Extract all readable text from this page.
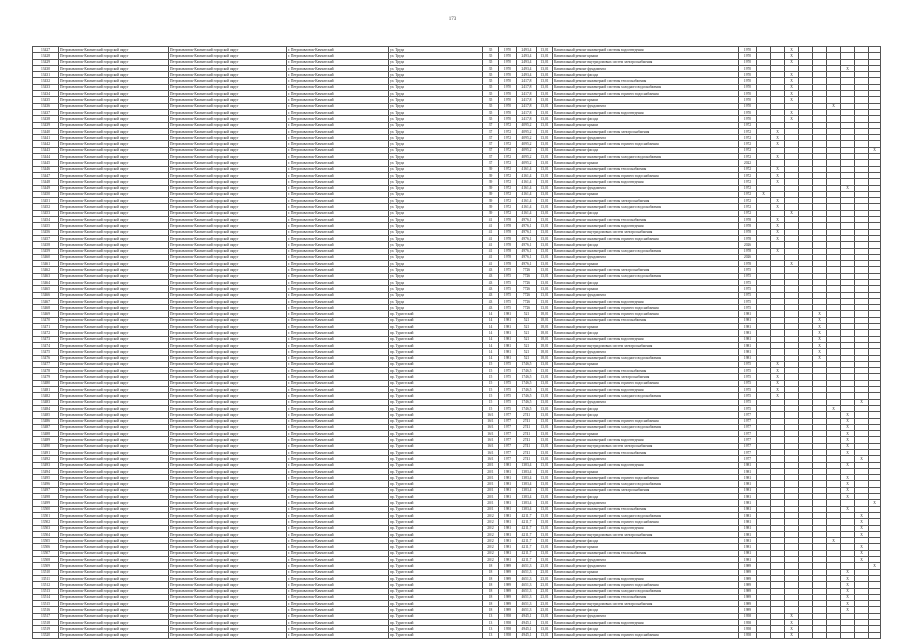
173
13427	Петропавловск-Камчатский городской округ	Петропавловск-Камчатский городской округ	г. Петропавловск-Камчатский	ул. Труда	35	1970	2493,4	13,01	Капитальный ремонт инженерной системы водоотведения	1970			X						
13428	Петропавловск-Камчатский городской округ	Петропавловск-Камчатский городской округ	г. Петропавловск-Камчатский	ул. Труда	35	1970	2493,4	13,01	Капитальный ремонт крыши	1970			X						
13429	Петропавловск-Камчатский городской округ	Петропавловск-Камчатский городской округ	г. Петропавловск-Камчатский	ул. Труда	35	1970	2493,4	13,01	Капитальный ремонт внутридомовых систем электроснабжения	1970			X						
13430	Петропавловск-Камчатский городской округ	Петропавловск-Камчатский городской округ	г. Петропавловск-Камчатский	ул. Труда	35	1970	2493,4	13,01	Капитальный ремонт фундамента	1970							X		
13431	Петропавловск-Камчатский городской округ	Петропавловск-Камчатский городской округ	г. Петропавловск-Камчатский	ул. Труда	35	1970	2493,4	13,01	Капитальный ремонт фасада	1970			X						
13432	Петропавловск-Камчатский городской округ	Петропавловск-Камчатский городской округ	г. Петропавловск-Камчатский	ул. Труда	35	1970	2417,8	13,01	Капитальный ремонт инженерной системы теплоснабжения	1970			X						
13433	Петропавловск-Камчатский городской округ	Петропавловск-Камчатский городской округ	г. Петропавловск-Камчатский	ул. Труда	35	1970	2417,8	13,01	Капитальный ремонт инженерной системы холодного водоснабжения	1970			X						
13434	Петропавловск-Камчатский городской округ	Петропавловск-Камчатский городской округ	г. Петропавловск-Камчатский	ул. Труда	35	1970	2417,8	13,01	Капитальный ремонт инженерной системы горячего водоснабжения	1970			X						
13435	Петропавловск-Камчатский городской округ	Петропавловск-Камчатский городской округ	г. Петропавловск-Камчатский	ул. Труда	35	1970	2417,8	13,01	Капитальный ремонт крыши	1970			X						
13436	Петропавловск-Камчатский городской округ	Петропавловск-Камчатский городской округ	г. Петропавловск-Камчатский	ул. Труда	35	1970	2417,8	13,01	Капитальный ремонт фундамента	1970						X			
13437	Петропавловск-Камчатский городской округ	Петропавловск-Камчатский городской округ	г. Петропавловск-Камчатский	ул. Труда	35	1970	2417,8	13,01	Капитальный ремонт инженерной системы водоотведения	1970			X						
13438	Петропавловск-Камчатский городской округ	Петропавловск-Камчатский городской округ	г. Петропавловск-Камчатский	ул. Труда	35	1970	2417,8	13,01	Капитальный ремонт фасада	1970			X						
13439	Петропавловск-Камчатский городской округ	Петропавловск-Камчатский городской округ	г. Петропавловск-Камчатский	ул. Труда	37	1972	4095,2	13,01	Капитальный ремонт крыши	1972									
13440	Петропавловск-Камчатский городской округ	Петропавловск-Камчатский городской округ	г. Петропавловск-Камчатский	ул. Труда	37	1972	4095,2	13,01	Капитальный ремонт инженерной системы электроснабжения	1972		X							
13441	Петропавловск-Камчатский городской округ	Петропавловск-Камчатский городской округ	г. Петропавловск-Камчатский	ул. Труда	37	1972	4095,2	13,01	Капитальный ремонт фундамента	1972		X							
13442	Петропавловск-Камчатский городской округ	Петропавловск-Камчатский городской округ	г. Петропавловск-Камчатский	ул. Труда	37	1972	4095,2	13,01	Капитальный ремонт инженерной системы горячего водоснабжения	1972		X							
13443	Петропавловск-Камчатский городской округ	Петропавловск-Камчатский городской округ	г. Петропавловск-Камчатский	ул. Труда	37	1972	4095,2	13,01	Капитальный ремонт фасада	1972									X
13444	Петропавловск-Камчатский городской округ	Петропавловск-Камчатский городской округ	г. Петропавловск-Камчатский	ул. Труда	37	1972	4095,2	13,01	Капитальный ремонт инженерной системы холодного водоснабжения	1972		X							
13445	Петропавловск-Камчатский городской округ	Петропавловск-Камчатский городской округ	г. Петропавловск-Камчатский	ул. Труда	37	1972	4095,2	13,01	Капитальный ремонт крыши	2022									
13446	Петропавловск-Камчатский городской округ	Петропавловск-Камчатский городской округ	г. Петропавловск-Камчатский	ул. Труда	39	1972	4161,4	13,01	Капитальный ремонт инженерной системы теплоснабжения	1972		X							
13447	Петропавловск-Камчатский городской округ	Петропавловск-Камчатский городской округ	г. Петропавловск-Камчатский	ул. Труда	39	1972	4161,4	13,01	Капитальный ремонт инженерной системы горячего водоснабжения	1972		X							
13448	Петропавловск-Камчатский городской округ	Петропавловск-Камчатский городской округ	г. Петропавловск-Камчатский	ул. Труда	39	1972	4161,4	13,01	Капитальный ремонт инженерной системы водоотведения	1972		X							
13449	Петропавловск-Камчатский городской округ	Петропавловск-Камчатский городской округ	г. Петропавловск-Камчатский	ул. Труда	39	1972	4161,4	13,01	Капитальный ремонт фундамента	1972							X		
13450	Петропавловск-Камчатский городской округ	Петропавловск-Камчатский городской округ	г. Петропавловск-Камчатский	ул. Труда	39	1972	4161,4	13,01	Капитальный ремонт крыши	1972	X								
13451	Петропавловск-Камчатский городской округ	Петропавловск-Камчатский городской округ	г. Петропавловск-Камчатский	ул. Труда	39	1972	4161,4	13,01	Капитальный ремонт инженерной системы электроснабжения	1972		X							
13452	Петропавловск-Камчатский городской округ	Петропавловск-Камчатский городской округ	г. Петропавловск-Камчатский	ул. Труда	39	1972	4161,4	13,01	Капитальный ремонт инженерной системы холодного водоснабжения	1972		X							
13453	Петропавловск-Камчатский городской округ	Петропавловск-Камчатский городской округ	г. Петропавловск-Камчатский	ул. Труда	39	1972	4161,4	13,01	Капитальный ремонт фасада	1972			X						
13454	Петропавловск-Камчатский городской округ	Петропавловск-Камчатский городской округ	г. Петропавловск-Камчатский	ул. Труда	41	1978	4976,1	13,01	Капитальный ремонт инженерной системы теплоснабжения	1978		X							
13455	Петропавловск-Камчатский городской округ	Петропавловск-Камчатский городской округ	г. Петропавловск-Камчатский	ул. Труда	41	1978	4976,1	13,01	Капитальный ремонт инженерной системы водоотведения	1978		X							
13456	Петропавловск-Камчатский городской округ	Петропавловск-Камчатский городской округ	г. Петропавловск-Камчатский	ул. Труда	41	1978	4976,1	13,01	Капитальный ремонт внутридомовых систем электроснабжения	1978		X							
13457	Петропавловск-Камчатский городской округ	Петропавловск-Камчатский городской округ	г. Петропавловск-Камчатский	ул. Труда	41	1978	4976,1	13,01	Капитальный ремонт инженерной системы горячего водоснабжения	1978		X							
13458	Петропавловск-Камчатский городской округ	Петропавловск-Камчатский городской округ	г. Петропавловск-Камчатский	ул. Труда	41	1978	4976,1	13,01	Капитальный ремонт фасада	2026									
13459	Петропавловск-Камчатский городской округ	Петропавловск-Камчатский городской округ	г. Петропавловск-Камчатский	ул. Труда	41	1978	4976,1	13,01	Капитальный ремонт инженерной системы холодного водоснабжения	1978		X							
13460	Петропавловск-Камчатский городской округ	Петропавловск-Камчатский городской округ	г. Петропавловск-Камчатский	ул. Труда	41	1978	4976,1	13,01	Капитальный ремонт фундамента	2026									
13461	Петропавловск-Камчатский городской округ	Петропавловск-Камчатский городской округ	г. Петропавловск-Камчатский	ул. Труда	41	1978	4976,1	13,01	Капитальный ремонт крыши	1978			X						
13462	Петропавловск-Камчатский городской округ	Петропавловск-Камчатский городской округ	г. Петропавловск-Камчатский	ул. Труда	43	1975	7726	13,01	Капитальный ремонт инженерной системы электроснабжения	1975									
13463	Петропавловск-Камчатский городской округ	Петропавловск-Камчатский городской округ	г. Петропавловск-Камчатский	ул. Труда	43	1975	7726	13,01	Капитальный ремонт инженерной системы холодного водоснабжения	1975									
13464	Петропавловск-Камчатский городской округ	Петропавловск-Камчатский городской округ	г. Петропавловск-Камчатский	ул. Труда	43	1975	7726	13,01	Капитальный ремонт фасада	1975									
13465	Петропавловск-Камчатский городской округ	Петропавловск-Камчатский городской округ	г. Петропавловск-Камчатский	ул. Труда	43	1975	7726	13,01	Капитальный ремонт крыши	1975									
13466	Петропавловск-Камчатский городской округ	Петропавловск-Камчатский городской округ	г. Петропавловск-Камчатский	ул. Труда	43	1975	7726	13,01	Капитальный ремонт фундамента	1975									
13467	Петропавловск-Камчатский городской округ	Петропавловск-Камчатский городской округ	г. Петропавловск-Камчатский	ул. Труда	43	1975	7726	13,01	Капитальный ремонт инженерной системы водоотведения	1975									
13468	Петропавловск-Камчатский городской округ	Петропавловск-Камчатский городской округ	г. Петропавловск-Камчатский	ул. Труда	43	1975	7726	13,01	Капитальный ремонт инженерной системы горячего водоснабжения	1975									
13469	Петропавловск-Камчатский городской округ	Петропавловск-Камчатский городской округ	г. Петропавловск-Камчатский	пр. Туристский	14	1981	521	18,01	Капитальный ремонт инженерной системы горячего водоснабжения	1981					X				
13470	Петропавловск-Камчатский городской округ	Петропавловск-Камчатский городской округ	г. Петропавловск-Камчатский	пр. Туристский	14	1981	521	18,01	Капитальный ремонт инженерной системы теплоснабжения	1981					X				
13471	Петропавловск-Камчатский городской округ	Петропавловск-Камчатский городской округ	г. Петропавловск-Камчатский	пр. Туристский	14	1981	521	18,01	Капитальный ремонт крыши	1981					X				
13472	Петропавловск-Камчатский городской округ	Петропавловск-Камчатский городской округ	г. Петропавловск-Камчатский	пр. Туристский	14	1981	521	18,01	Капитальный ремонт фасада	1981					X				
13473	Петропавловск-Камчатский городской округ	Петропавловск-Камчатский городской округ	г. Петропавловск-Камчатский	пр. Туристский	14	1981	521	18,01	Капитальный ремонт инженерной системы водоотведения	1981					X				
13474	Петропавловск-Камчатский городской округ	Петропавловск-Камчатский городской округ	г. Петропавловск-Камчатский	пр. Туристский	14	1981	521	18,01	Капитальный ремонт внутридомовых систем электроснабжения	1981					X				
13475	Петропавловск-Камчатский городской округ	Петропавловск-Камчатский городской округ	г. Петропавловск-Камчатский	пр. Туристский	14	1981	521	18,01	Капитальный ремонт фундамента	1981					X				
13476	Петропавловск-Камчатский городской округ	Петропавловск-Камчатский городской округ	г. Петропавловск-Камчатский	пр. Туристский	14	1981	521	18,01	Капитальный ремонт инженерной системы холодного водоснабжения	1981					X				
13477	Петропавловск-Камчатский городской округ	Петропавловск-Камчатский городской округ	г. Петропавловск-Камчатский	пр. Туристский	15	1975	1746,5	13,01	Капитальный ремонт крыши	1975		X							
13478	Петропавловск-Камчатский городской округ	Петропавловск-Камчатский городской округ	г. Петропавловск-Камчатский	пр. Туристский	15	1975	1746,5	13,01	Капитальный ремонт инженерной системы теплоснабжения	1975		X							
13479	Петропавловск-Камчатский городской округ	Петропавловск-Камчатский городской округ	г. Петропавловск-Камчатский	пр. Туристский	15	1975	1746,5	13,01	Капитальный ремонт инженерной системы электроснабжения	1975		X							
13480	Петропавловск-Камчатский городской округ	Петропавловск-Камчатский городской округ	г. Петропавловск-Камчатский	пр. Туристский	15	1975	1746,5	13,01	Капитальный ремонт инженерной системы горячего водоснабжения	1975		X							
13481	Петропавловск-Камчатский городской округ	Петропавловск-Камчатский городской округ	г. Петропавловск-Камчатский	пр. Туристский	15	1975	1746,5	13,01	Капитальный ремонт инженерной системы водоотведения	1975		X							
13482	Петропавловск-Камчатский городской округ	Петропавловск-Камчатский городской округ	г. Петропавловск-Камчатский	пр. Туристский	15	1975	1746,5	13,01	Капитальный ремонт инженерной системы холодного водоснабжения	1975		X							
13483	Петропавловск-Камчатский городской округ	Петропавловск-Камчатский городской округ	г. Петропавловск-Камчатский	пр. Туристский	15	1975	1746,5	13,01	Капитальный ремонт фундамента	1975								X	
13484	Петропавловск-Камчатский городской округ	Петропавловск-Камчатский городской округ	г. Петропавловск-Камчатский	пр. Туристский	15	1975	1746,5	13,01	Капитальный ремонт фасада	1975						X			
13485	Петропавловск-Камчатский городской округ	Петропавловск-Камчатский городской округ	г. Петропавловск-Камчатский	пр. Туристский	16/1	1977	2741	13,01	Капитальный ремонт фасада	1977							X		
13486	Петропавловск-Камчатский городской округ	Петропавловск-Камчатский городской округ	г. Петропавловск-Камчатский	пр. Туристский	16/1	1977	2741	13,01	Капитальный ремонт инженерной системы горячего водоснабжения	1977							X		
13487	Петропавловск-Камчатский городской округ	Петропавловск-Камчатский городской округ	г. Петропавловск-Камчатский	пр. Туристский	16/1	1977	2741	13,01	Капитальный ремонт инженерной системы холодного водоснабжения	1977							X		
13488	Петропавловск-Камчатский городской округ	Петропавловск-Камчатский городской округ	г. Петропавловск-Камчатский	пр. Туристский	16/1	1977	2741	13,01	Капитальный ремонт крыши	1977							X		
13489	Петропавловск-Камчатский городской округ	Петропавловск-Камчатский городской округ	г. Петропавловск-Камчатский	пр. Туристский	16/1	1977	2741	13,01	Капитальный ремонт инженерной системы водоотведения	1977							X		
13490	Петропавловск-Камчатский городской округ	Петропавловск-Камчатский городской округ	г. Петропавловск-Камчатский	пр. Туристский	16/1	1977	2741	13,01	Капитальный ремонт внутридомовых систем электроснабжения	1977							X		
13491	Петропавловск-Камчатский городской округ	Петропавловск-Камчатский городской округ	г. Петропавловск-Камчатский	пр. Туристский	16/1	1977	2741	13,01	Капитальный ремонт инженерной системы теплоснабжения	1977							X		
13492	Петропавловск-Камчатский городской округ	Петропавловск-Камчатский городской округ	г. Петропавловск-Камчатский	пр. Туристский	16/1	1977	2741	13,01	Капитальный ремонт фундамента	1977								X	
13493	Петропавловск-Камчатский городской округ	Петропавловск-Камчатский городской округ	г. Петропавловск-Камчатский	пр. Туристский	20/1	1981	1383,4	13,01	Капитальный ремонт инженерной системы водоотведения	1981							X		
13494	Петропавловск-Камчатский городской округ	Петропавловск-Камчатский городской округ	г. Петропавловск-Камчатский	пр. Туристский	20/1	1981	1383,4	13,01	Капитальный ремонт крыши	1981									
13495	Петропавловск-Камчатский городской округ	Петропавловск-Камчатский городской округ	г. Петропавловск-Камчатский	пр. Туристский	20/1	1981	1383,4	13,01	Капитальный ремонт инженерной системы горячего водоснабжения	1981							X		
13496	Петропавловск-Камчатский городской округ	Петропавловск-Камчатский городской округ	г. Петропавловск-Камчатский	пр. Туристский	20/1	1981	1383,4	13,01	Капитальный ремонт инженерной системы холодного водоснабжения	1981							X		
13497	Петропавловск-Камчатский городской округ	Петропавловск-Камчатский городской округ	г. Петропавловск-Камчатский	пр. Туристский	20/1	1981	1383,4	13,01	Капитальный ремонт инженерной системы электроснабжения	1981							X		
13498	Петропавловск-Камчатский городской округ	Петропавловск-Камчатский городской округ	г. Петропавловск-Камчатский	пр. Туристский	20/1	1981	1383,4	13,01	Капитальный ремонт фасада	1981							X		
13499	Петропавловск-Камчатский городской округ	Петропавловск-Камчатский городской округ	г. Петропавловск-Камчатский	пр. Туристский	20/1	1981	1383,4	13,01	Капитальный ремонт фундамента	1981									X
13500	Петропавловск-Камчатский городской округ	Петропавловск-Камчатский городской округ	г. Петропавловск-Камчатский	пр. Туристский	20/1	1981	1383,4	13,01	Капитальный ремонт инженерной системы теплоснабжения	1981							X		
13501	Петропавловск-Камчатский городской округ	Петропавловск-Камчатский городской округ	г. Петропавловск-Камчатский	пр. Туристский	20/2	1981	4211,7	13,01	Капитальный ремонт инженерной системы холодного водоснабжения	1981								X	
13502	Петропавловск-Камчатский городской округ	Петропавловск-Камчатский городской округ	г. Петропавловск-Камчатский	пр. Туристский	20/2	1981	4211,7	13,01	Капитальный ремонт инженерной системы горячего водоснабжения	1981								X	
13503	Петропавловск-Камчатский городской округ	Петропавловск-Камчатский городской округ	г. Петропавловск-Камчатский	пр. Туристский	20/2	1981	4211,7	13,01	Капитальный ремонт инженерной системы водоотведения	1981								X	
13504	Петропавловск-Камчатский городской округ	Петропавловск-Камчатский городской округ	г. Петропавловск-Камчатский	пр. Туристский	20/2	1981	4211,7	13,01	Капитальный ремонт внутридомовых систем электроснабжения	1981								X	
13505	Петропавловск-Камчатский городской округ	Петропавловск-Камчатский городской округ	г. Петропавловск-Камчатский	пр. Туристский	20/2	1981	4211,7	13,01	Капитальный ремонт фасада	1981						X			
13506	Петропавловск-Камчатский городской округ	Петропавловск-Камчатский городской округ	г. Петропавловск-Камчатский	пр. Туристский	20/2	1981	4211,7	13,01	Капитальный ремонт крыши	1981								X	
13507	Петропавловск-Камчатский городской округ	Петропавловск-Камчатский городской округ	г. Петропавловск-Камчатский	пр. Туристский	20/2	1981	4211,7	13,01	Капитальный ремонт инженерной системы теплоснабжения	1981								X	
13508	Петропавловск-Камчатский городской округ	Петропавловск-Камчатский городской округ	г. Петропавловск-Камчатский	пр. Туристский	20/2	1981	4211,7	13,01	Капитальный ремонт фундамента	1981								X	
13509	Петропавловск-Камчатский городской округ	Петропавловск-Камчатский городской округ	г. Петропавловск-Камчатский	пр. Туристский	18	1989	4651,3	23,01	Капитальный ремонт фундамента	1989									X
13510	Петропавловск-Камчатский городской округ	Петропавловск-Камчатский городской округ	г. Петропавловск-Камчатский	пр. Туристский	18	1989	4651,3	23,01	Капитальный ремонт крыши	1989							X		
13511	Петропавловск-Камчатский городской округ	Петропавловск-Камчатский городской округ	г. Петропавловск-Камчатский	пр. Туристский	18	1989	4651,3	23,01	Капитальный ремонт инженерной системы водоотведения	1989							X		
13512	Петропавловск-Камчатский городской округ	Петропавловск-Камчатский городской округ	г. Петропавловск-Камчатский	пр. Туристский	18	1989	4651,3	23,01	Капитальный ремонт инженерной системы горячего водоснабжения	1989							X		
13513	Петропавловск-Камчатский городской округ	Петропавловск-Камчатский городской округ	г. Петропавловск-Камчатский	пр. Туристский	18	1989	4651,3	23,01	Капитальный ремонт инженерной системы холодного водоснабжения	1989							X		
13514	Петропавловск-Камчатский городской округ	Петропавловск-Камчатский городской округ	г. Петропавловск-Камчатский	пр. Туристский	18	1989	4651,3	23,01	Капитальный ремонт инженерной системы теплоснабжения	1989							X		
13515	Петропавловск-Камчатский городской округ	Петропавловск-Камчатский городской округ	г. Петропавловск-Камчатский	пр. Туристский	18	1989	4651,3	23,01	Капитальный ремонт внутридомовых систем электроснабжения	1989							X		
13516	Петропавловск-Камчатский городской округ	Петропавловск-Камчатский городской округ	г. Петропавловск-Камчатский	пр. Туристский	18	1989	4651,3	23,01	Капитальный ремонт фасада	1989							X		
13517	Петропавловск-Камчатский городской округ	Петропавловск-Камчатский городской округ	г. Петропавловск-Камчатский	пр. Туристский	13	1958	4945,1	13,01	Капитальный ремонт фундамента	1958			X						
13518	Петропавловск-Камчатский городской округ	Петропавловск-Камчатский городской округ	г. Петропавловск-Камчатский	пр. Туристский	13	1958	4945,1	13,01	Капитальный ремонт инженерной системы водоотведения	1958			X						
13519	Петропавловск-Камчатский городской округ	Петропавловск-Камчатский городской округ	г. Петропавловск-Камчатский	пр. Туристский	13	1958	4945,1	13,01	Капитальный ремонт фасада	1958			X						
13520	Петропавловск-Камчатский городской округ	Петропавловск-Камчатский городской округ	г. Петропавловск-Камчатский	пр. Туристский	13	1958	4945,1	13,01	Капитальный ремонт инженерной системы горячего водоснабжения	1958			X						
